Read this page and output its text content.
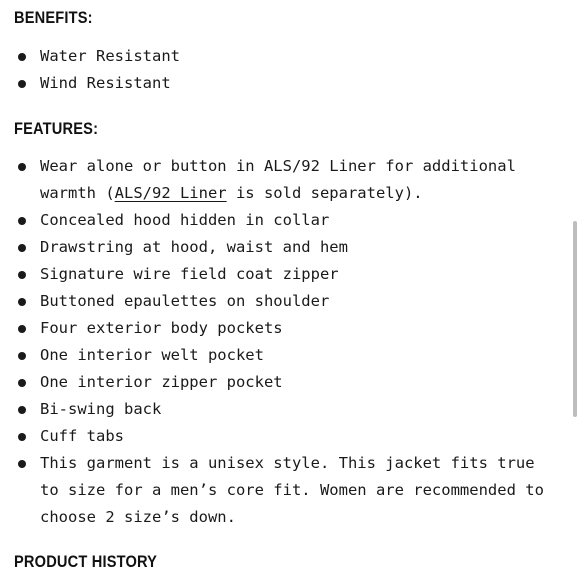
BENEFITS:
Water Resistant
Wind Resistant
FEATURES:
Wear alone or button in ALS/92 Liner for additional warmth (ALS/92 Liner is sold separately).
Concealed hood hidden in collar
Drawstring at hood, waist and hem
Signature wire field coat zipper
Buttoned epaulettes on shoulder
Four exterior body pockets
One interior welt pocket
One interior zipper pocket
Bi-swing back
Cuff tabs
This garment is a unisex style. This jacket fits true to size for a men’s core fit. Women are recommended to choose 2 size’s down.
PRODUCT HISTORY
